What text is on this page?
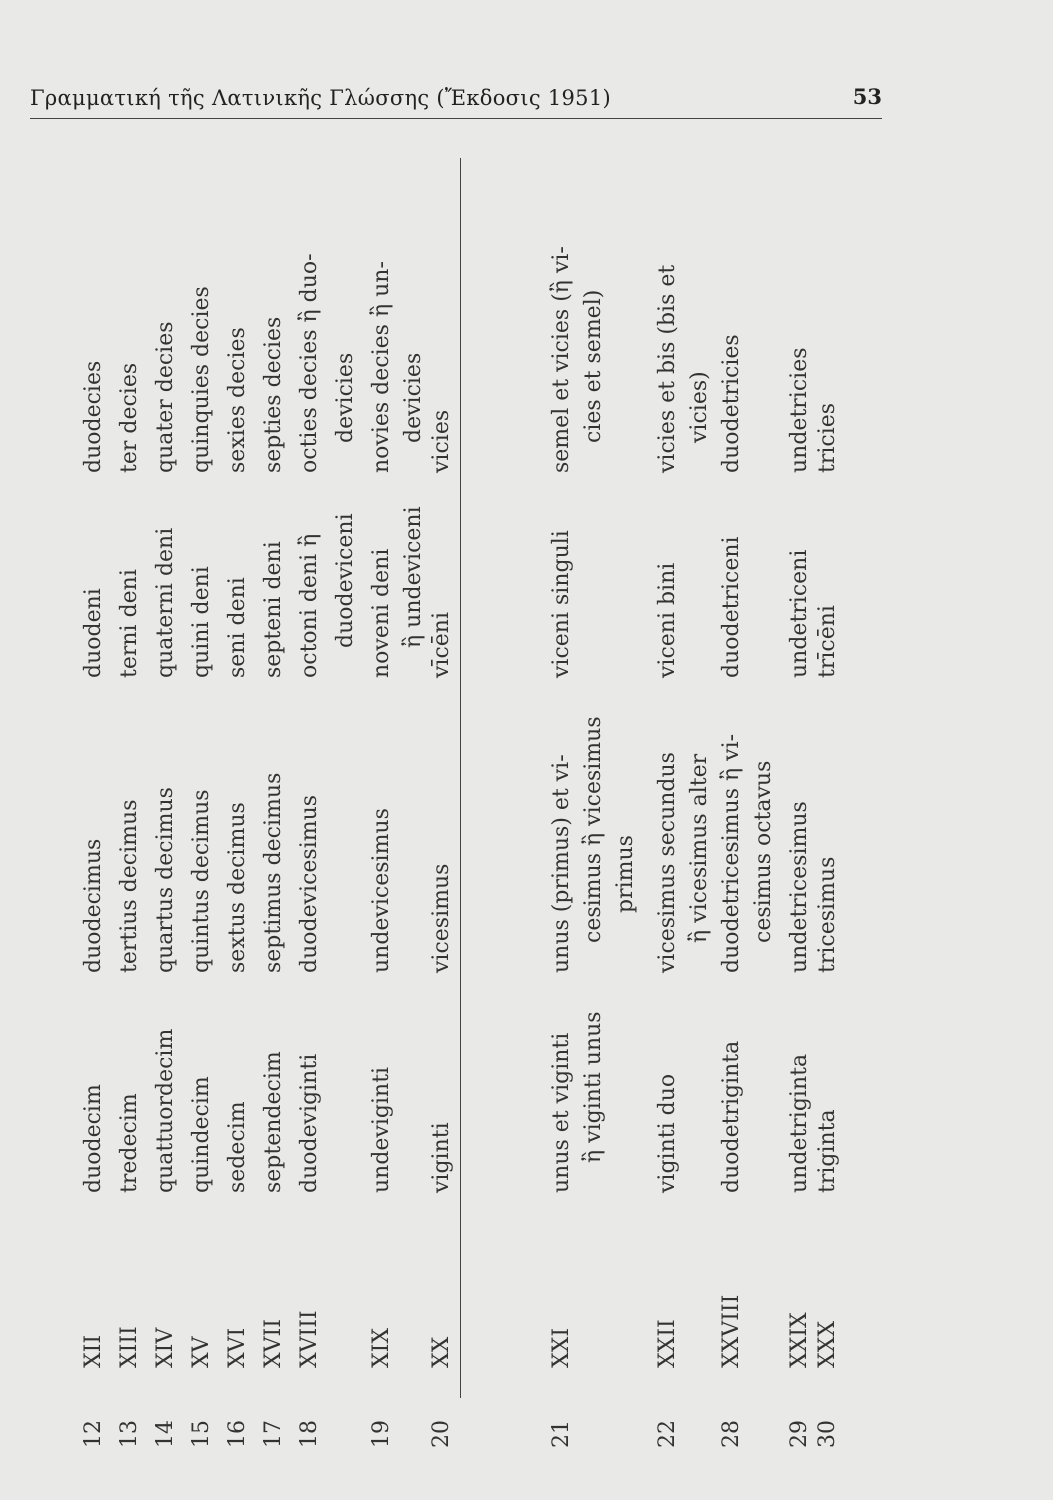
Γραμματική τῆς Λατινικῆς Γλώσσης (Ἔκδοσις 1951)	53
12
XII
duodecim
duodecimus
duodeni
duodecies
13
XIII
tredecim
tertius decimus
terni deni
ter decies
14
XIV
quattuordecim
quartus decimus
quaterni deni
quater decies
15
XV
quindecim
quintus decimus
quini deni
quinquies decies
16
XVI
sedecim
sextus decimus
seni deni
sexies decies
17
XVII
septendecim
septimus decimus
septeni deni
septies decies
18
XVIII
duodeviginti
duodevicesimus
octoni deni ἢ
octies decies ἢ duo-
duodeviceni
devicies
19
XIX
undeviginti
undevicesimus
noveni deni
novies decies ἢ un-
ἢ undeviceni
devicies
20
XX
viginti
vicesimus
vīcēni
vicies
21
XXI
unus et viginti
unus (primus) et vi-
viceni singuli
semel et vicies (ἢ vi-
ἢ viginti unus
cesimus ἢ vicesimus
cies et semel)
primus
22
XXII
viginti duo
vicesimus secundus
viceni bini
vicies et bis (bis et
ἢ vicesimus alter
vicies)
28
XXVIII
duodetriginta
duodetricesimus ἢ vi-
duodetriceni
duodetricies
cesimus octavus
29
XXIX
undetriginta
undetricesimus
undetriceni
undetricies
30
XXX
triginta
tricesimus
trīcēni
tricies
